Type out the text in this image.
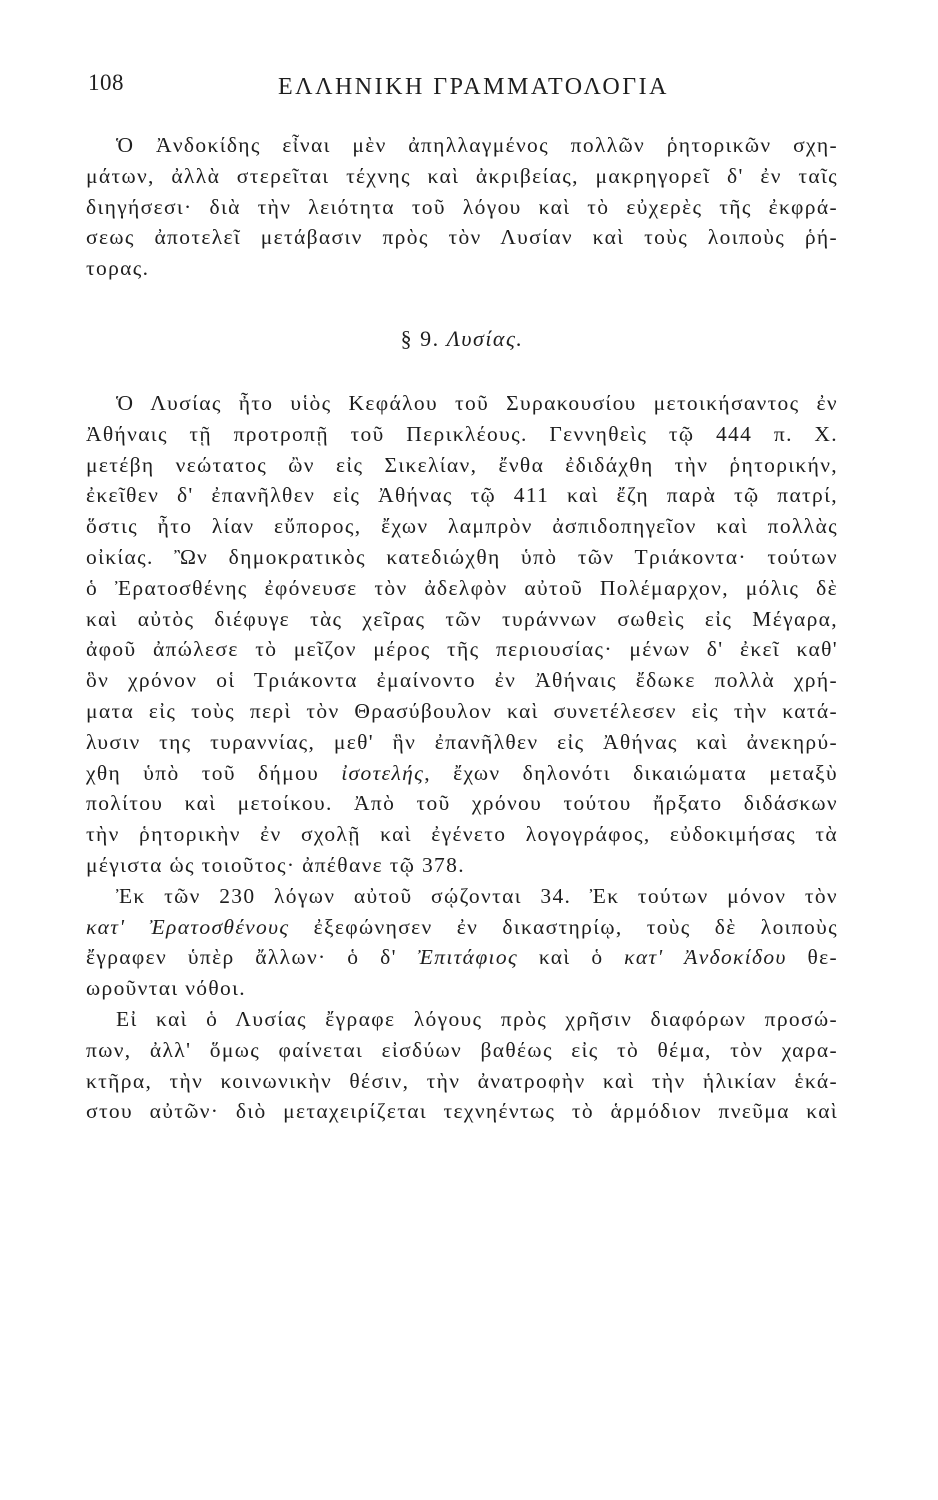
108	ΕΛΛΗΝΙΚΗ ΓΡΑΜΜΑΤΟΛΟΓΙΑ
Ὁ Ἀνδοκίδης εἶναι μὲν ἀπηλλαγμένος πολλῶν ῥητορικῶν σχη-
μάτων, ἀλλὰ στερεῖται τέχνης καὶ ἀκριβείας, μακρηγορεῖ δ' ἐν ταῖς
διηγήσεσι· διὰ τὴν λειότητα τοῦ λόγου καὶ τὸ εὐχερὲς τῆς ἐκφρά-
σεως ἀποτελεῖ μετάβασιν πρὸς τὸν Λυσίαν καὶ τοὺς λοιποὺς ῥή-
τορας.
§ 9. Λυσίας.
Ὁ Λυσίας ἦτο υἱὸς Κεφάλου τοῦ Συρακουσίου μετοικήσαντος ἐν
Ἀθήναις τῇ προτροπῇ τοῦ Περικλέους. Γεννηθεὶς τῷ 444 π. Χ.
μετέβη νεώτατος ὢν εἰς Σικελίαν, ἔνθα ἐδιδάχθη τὴν ῥητορικήν,
ἐκεῖθεν δ' ἐπανῆλθεν εἰς Ἀθήνας τῷ 411 καὶ ἔζη παρὰ τῷ πατρί,
ὅστις ἦτο λίαν εὔπορος, ἔχων λαμπρὸν ἀσπιδοπηγεῖον καὶ πολλὰς
οἰκίας. Ὢν δημοκρατικὸς κατεδιώχθη ὑπὸ τῶν Τριάκοντα· τούτων
ὁ Ἐρατοσθένης ἐφόνευσε τὸν ἀδελφὸν αὐτοῦ Πολέμαρχον, μόλις δὲ
καὶ αὐτὸς διέφυγε τὰς χεῖρας τῶν τυράννων σωθεὶς εἰς Μέγαρα,
ἀφοῦ ἀπώλεσε τὸ μεῖζον μέρος τῆς περιουσίας· μένων δ' ἐκεῖ καθ'
ὃν χρόνον οἱ Τριάκοντα ἐμαίνοντο ἐν Ἀθήναις ἔδωκε πολλὰ χρή-
ματα εἰς τοὺς περὶ τὸν Θρασύβουλον καὶ συνετέλεσεν εἰς τὴν κατά-
λυσιν της τυραννίας, μεθ' ἣν ἐπανῆλθεν εἰς Ἀθήνας καὶ ἀνεκηρύ-
χθη ὑπὸ τοῦ δήμου ἰσοτελής, ἔχων δηλονότι δικαιώματα μεταξὺ
πολίτου καὶ μετοίκου. Ἀπὸ τοῦ χρόνου τούτου ἤρξατο διδάσκων
τὴν ῥητορικὴν ἐν σχολῇ καὶ ἐγένετο λογογράφος, εὐδοκιμήσας τὰ
μέγιστα ὡς τοιοῦτος· ἀπέθανε τῷ 378.
Ἐκ τῶν 230 λόγων αὐτοῦ σῴζονται 34. Ἐκ τούτων μόνον τὸν
κατ' Ἐρατοσθένους ἐξεφώνησεν ἐν δικαστηρίῳ, τοὺς δὲ λοιποὺς
ἔγραφεν ὑπὲρ ἄλλων· ὁ δ' Ἐπιτάφιος καὶ ὁ κατ' Ἀνδοκίδου θε-
ωροῦνται νόθοι.
Εἰ καὶ ὁ Λυσίας ἔγραφε λόγους πρὸς χρῆσιν διαφόρων προσώ-
πων, ἀλλ' ὅμως φαίνεται εἰσδύων βαθέως εἰς τὸ θέμα, τὸν χαρα-
κτῆρα, τὴν κοινωνικὴν θέσιν, τὴν ἀνατροφὴν καὶ τὴν ἡλικίαν ἑκά-
στου αὐτῶν· διὸ μεταχειρίζεται τεχνηέντως τὸ ἁρμόδιον πνεῦμα καὶ
